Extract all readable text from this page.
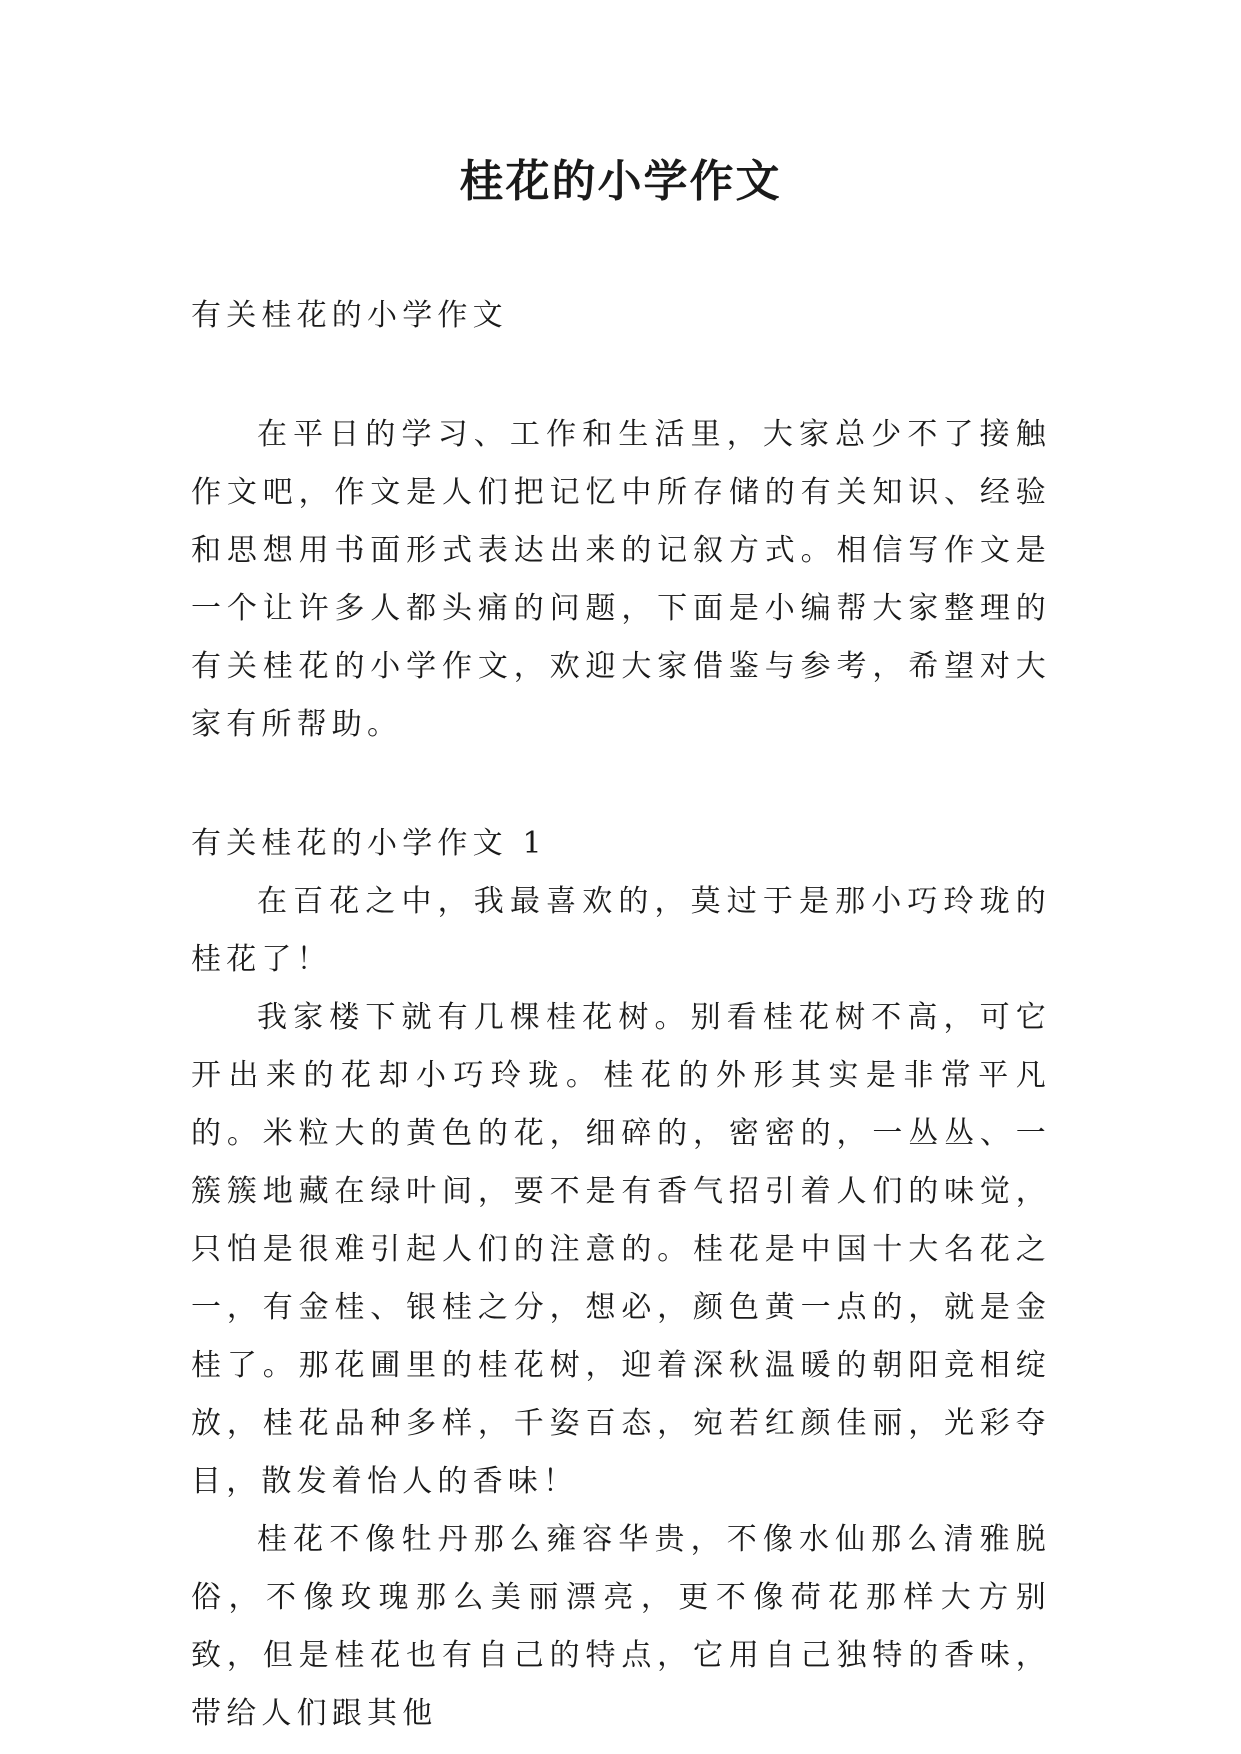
桂花的小学作文

有关桂花的小学作文

在平日的学习、工作和生活里，大家总少不了接触作文吧，作文是人们把记忆中所存储的有关知识、经验和思想用书面形式表达出来的记叙方式。相信写作文是一个让许多人都头痛的问题，下面是小编帮大家整理的有关桂花的小学作文，欢迎大家借鉴与参考，希望对大家有所帮助。

有关桂花的小学作文 1

在百花之中，我最喜欢的，莫过于是那小巧玲珑的桂花了！

我家楼下就有几棵桂花树。别看桂花树不高，可它开出来的花却小巧玲珑。桂花的外形其实是非常平凡的。米粒大的黄色的花，细碎的，密密的，一丛丛、一簇簇地藏在绿叶间，要不是有香气招引着人们的味觉，只怕是很难引起人们的注意的。桂花是中国十大名花之一，有金桂、银桂之分，想必，颜色黄一点的，就是金桂了。那花圃里的桂花树，迎着深秋温暖的朝阳竞相绽放，桂花品种多样，千姿百态，宛若红颜佳丽，光彩夺目，散发着怡人的香味！

桂花不像牡丹那么雍容华贵，不像水仙那么清雅脱俗，不像玫瑰那么美丽漂亮，更不像荷花那样大方别致，但是桂花也有自己的特点，它用自己独特的香味，带给人们跟其他
